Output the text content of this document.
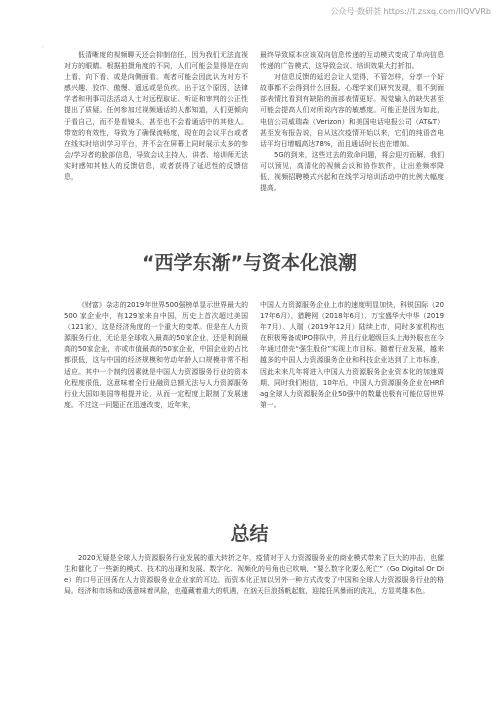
公众号·数研荟 https://t.zsxq.com/IIQVVRb
·	低清晰度的视频聊天还会抑制信任，因为我们无法直视对方的眼睛。根据拍摄角度的不同，人们可能会显得是在向上看、向下看、或是向侧面看。观者可能会因此认为对方不感兴趣、狡诈、傲慢、遥远或是负疚。出于这个原因，法律学者和刑事司法活动人士对远程取证、听证和审判的公正性提出了质疑。任何参加过视频通话的人都知道，人们更倾向于看自己，而不是看镜头，甚至也不会看通话中的其他人。带宽的有效性，导致为了确保流畅度，现在的会议平台或者在线实时培训学习平台，并不会在屏幕上同时展示太多的参会/学习者的脸部信息，导致会议主持人、讲者、培训师无法实时感知其他人的反馈信息，或者获得了延迟性的反馈信息，

最终导致原本应该双向信息传递的互动模式变成了单向信息传递的广告模式，这导致会议、培训效果大打折扣。

对信息反馈的延迟会让人觉得，不管怎样，分享一个好故事都不会得到什么回报。心理学家们研究发现，看不到面部表情比看到有缺陷的面部表情更好。视觉输入的缺失甚至可能会提高人们对所说内容的敏感度。可能正是因为如此，电信公司威瑞森（Verizon）和美国电话电报公司（AT&T）甚至发布报告说，自从这次疫情开始以来，它们的纯语音电话平均日增幅高达78%，而且通话时长也在增加。

5G的到来，这些过去的致命问题，将会迎刃而解，我们可以预见，高清化的视频会议和协作软件，让出差频率降低，视频招聘模式兴起和在线学习培训活动中的比例大幅度提高。

“西学东渐”与资本化浪潮

《财富》杂志的2019年世界500强榜单显示世界最大的 500 家企业中，有129家来自中国，历史上首次超过美国（121家），这是经济角度的一个重大的变革。但是在人力资源服务行业，无论是全球收入最高的50家企业，还是利润最高的50家企业，亦或市值最高的50家企业，中国企业的占比都很低，这与中国的经济规模和劳动年龄人口规模非常不相适应。其中一个制约因素就是中国人力资源服务行业的资本化程度很低，这意味着全行业融资总额无法与人力资源服务行业大国如美国等相提并论，从而一定程度上限制了发展速度。不过这一问题正在迅速改变，近年来，

中国人力资源服务企业上市的速度明显加快，科锐国际（2017年6月）、猎聘网（2018年6月）、万宝盛华大中华（2019年7月）、人瑞（2019年12月）陆续上市，同时多家机构也在积极筹备或IPO排队中，并且行业超级巨头上海外服也在今年通过借壳“强生股份”实现上市目标。随着行业发展，越来越多的中国人力资源服务企业和科技企业达到了上市标准，因此未来几年将进入中国人力资源服务企业资本化的加速周期，同时我们相信，10年后，中国人力资源服务企业在HRflag全球人力资源服务企业50强中的数量也极有可能位居世界第一。

总结

2020无疑是全球人力资源服务行业发展的重大转折之年，疫情对于人力资源服务业的商业模式带来了巨大的冲击，也催生和催化了一些新的模式、技术的出现和发展。数字化、视频化的号角也已吹响，“要么数字化要么死亡”（Go Digital Or Die）的口号正回荡在人力资源服务业企业家的耳边。而资本化正加以另外一种方式改变了中国和全球人力资源服务行业的格局。经济和市场和动荡意味着风险，也蕴藏着重大的机遇，在汹天巨浪扬帆起航，迎接狂风暴雨的洗礼，方显英雄本色。
